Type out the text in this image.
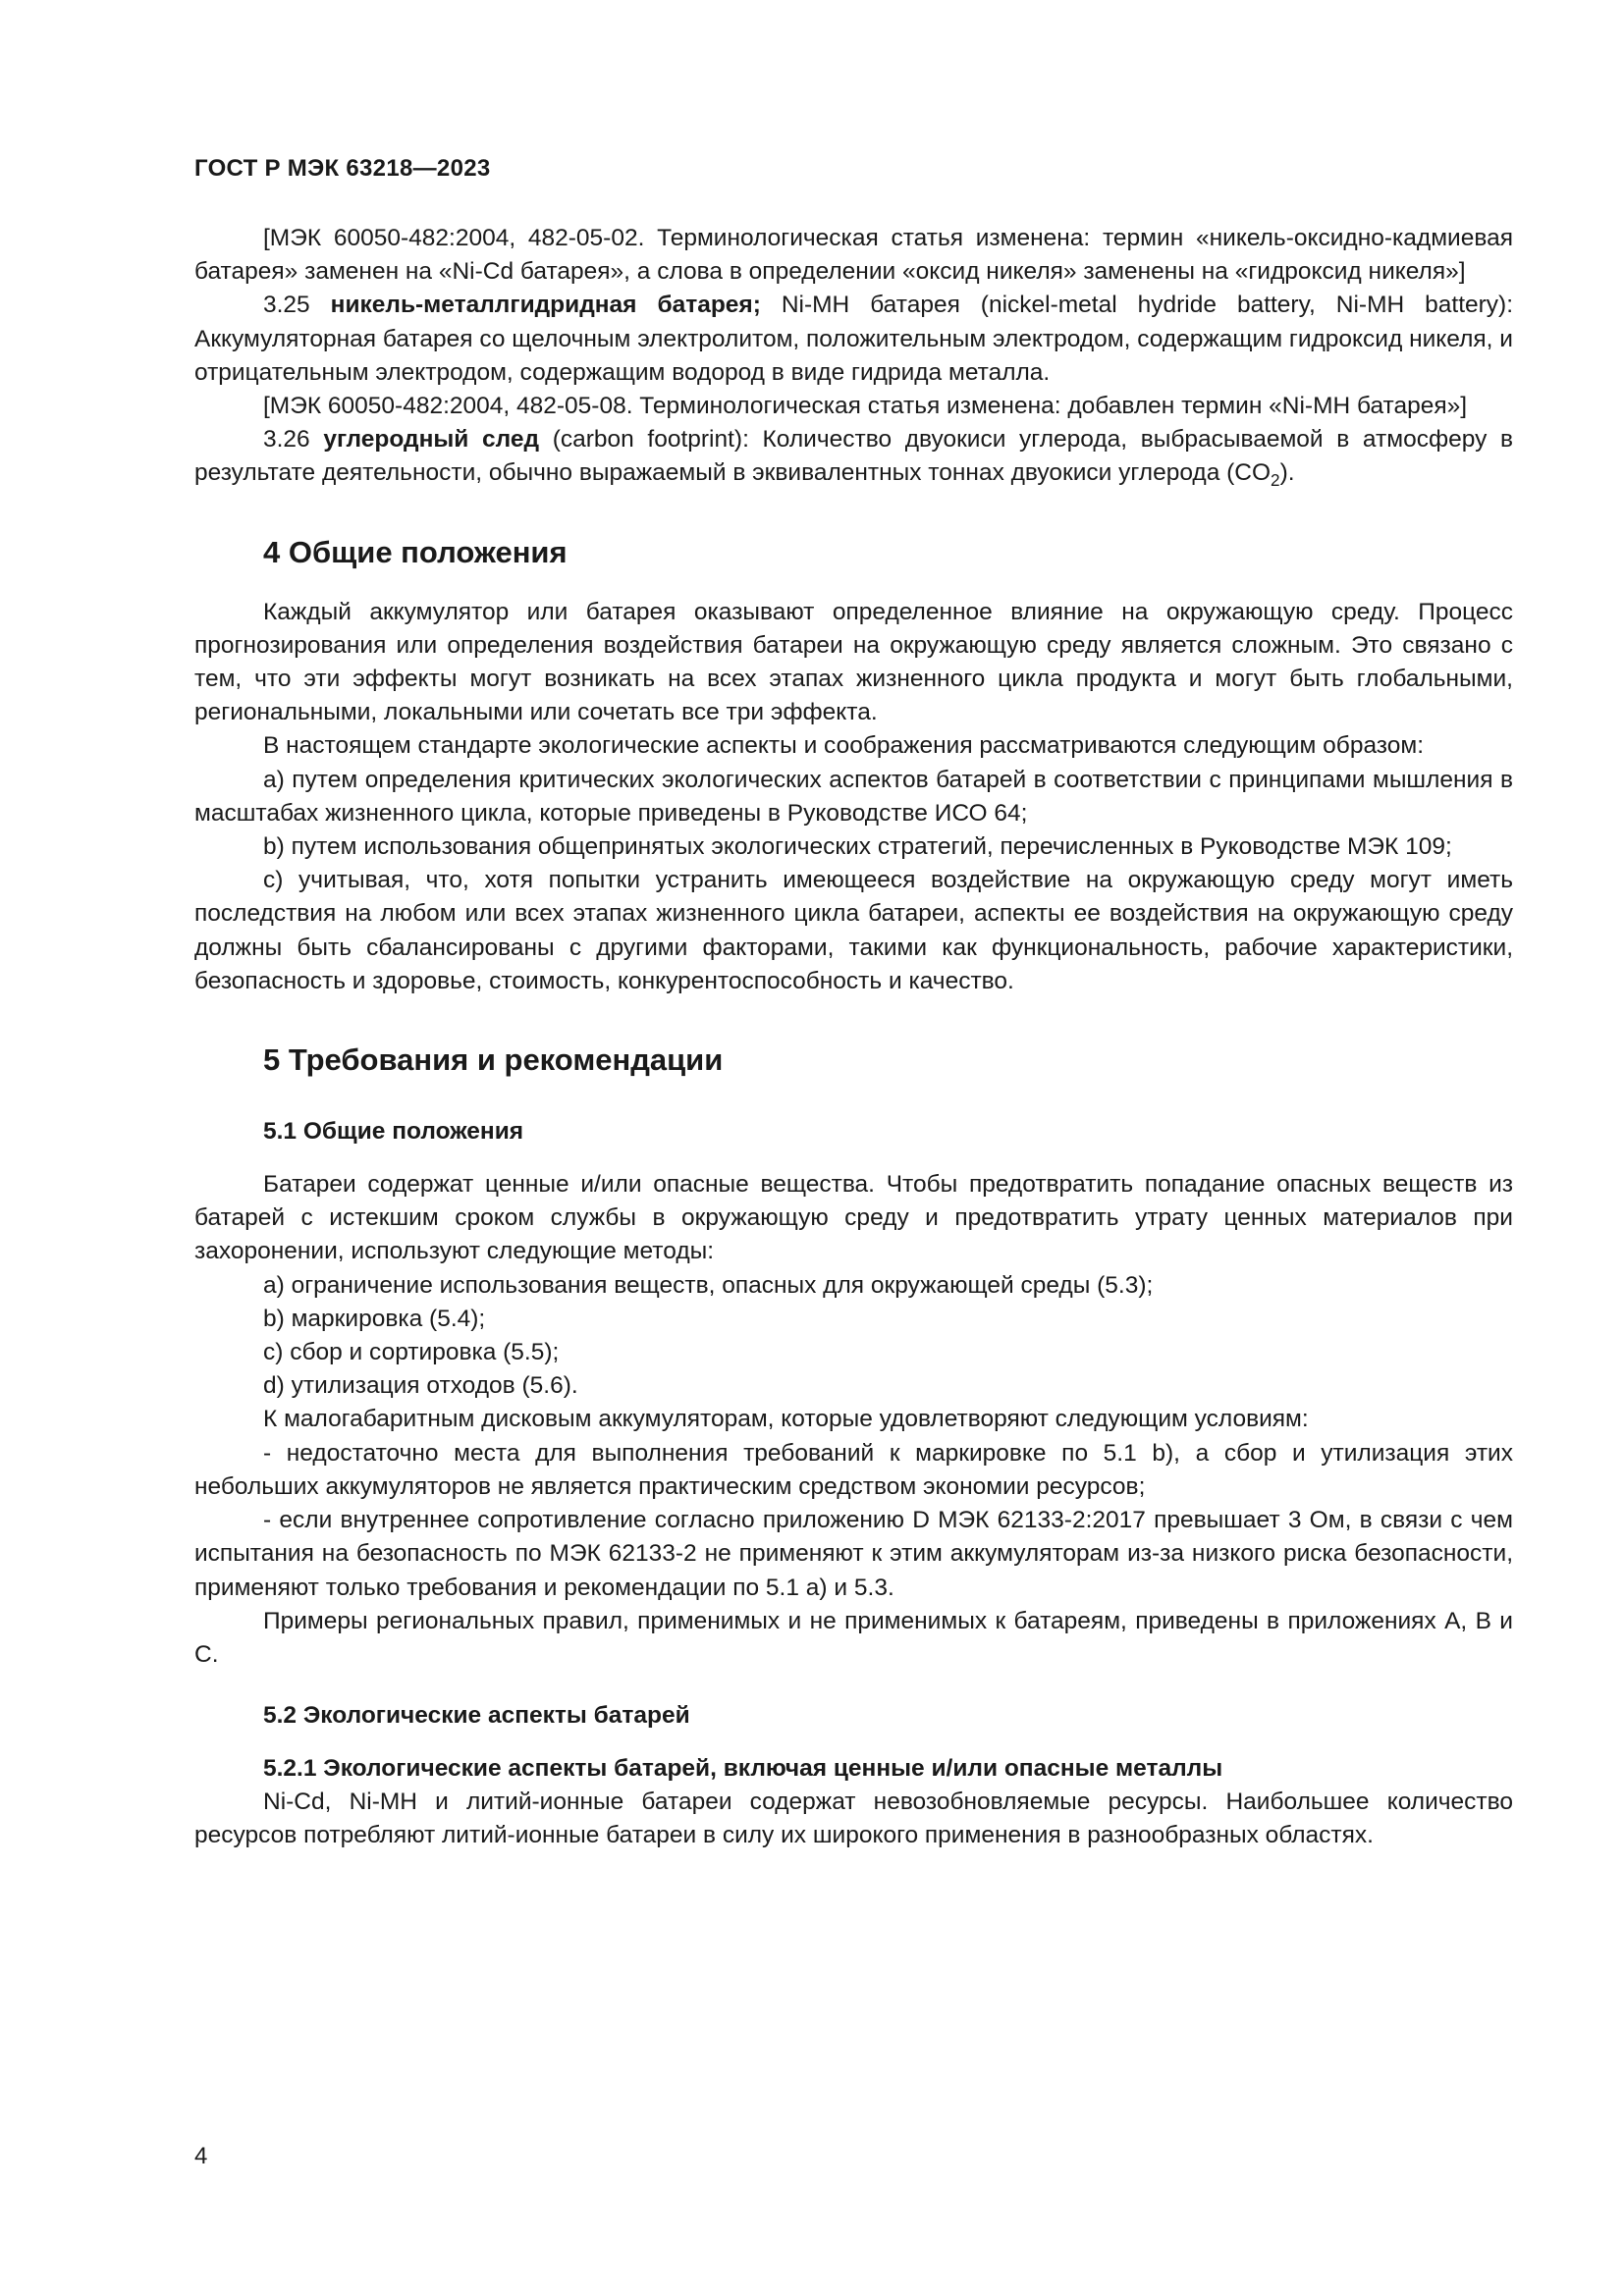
ГОСТ Р МЭК 63218—2023

[МЭК 60050-482:2004, 482-05-02. Терминологическая статья изменена: термин «никель-оксидно-кадмиевая батарея» заменен на «Ni-Cd батарея», а слова в определении «оксид никеля» заменены на «гидроксид никеля»]

3.25 никель-металлгидридная батарея; Ni-MH батарея (nickel-metal hydride battery, Ni-MH battery): Аккумуляторная батарея со щелочным электролитом, положительным электродом, содержащим гидроксид никеля, и отрицательным электродом, содержащим водород в виде гидрида металла.

[МЭК 60050-482:2004, 482-05-08. Терминологическая статья изменена: добавлен термин «Ni-MH батарея»]

3.26 углеродный след (carbon footprint): Количество двуокиси углерода, выбрасываемой в атмосферу в результате деятельности, обычно выражаемый в эквивалентных тоннах двуокиси углерода $(CO_2)$.

4 Общие положения

Каждый аккумулятор или батарея оказывают определенное влияние на окружающую среду. Процесс прогнозирования или определения воздействия батареи на окружающую среду является сложным. Это связано с тем, что эти эффекты могут возникать на всех этапах жизненного цикла продукта и могут быть глобальными, региональными, локальными или сочетать все три эффекта.

В настоящем стандарте экологические аспекты и соображения рассматриваются следующим образом:

a) путем определения критических экологических аспектов батарей в соответствии с принципами мышления в масштабах жизненного цикла, которые приведены в Руководстве ИСО 64;

b) путем использования общепринятых экологических стратегий, перечисленных в Руководстве МЭК 109;

c) учитывая, что, хотя попытки устранить имеющееся воздействие на окружающую среду могут иметь последствия на любом или всех этапах жизненного цикла батареи, аспекты ее воздействия на окружающую среду должны быть сбалансированы с другими факторами, такими как функциональность, рабочие характеристики, безопасность и здоровье, стоимость, конкурентоспособность и качество.

5 Требования и рекомендации
5.1 Общие положения

Батареи содержат ценные и/или опасные вещества. Чтобы предотвратить попадание опасных веществ из батарей с истекшим сроком службы в окружающую среду и предотвратить утрату ценных материалов при захоронении, используют следующие методы:

a) ограничение использования веществ, опасных для окружающей среды (5.3);

b) маркировка (5.4);

c) сбор и сортировка (5.5);

d) утилизация отходов (5.6).

К малогабаритным дисковым аккумуляторам, которые удовлетворяют следующим условиям:

- недостаточно места для выполнения требований к маркировке по 5.1 b), а сбор и утилизация этих небольших аккумуляторов не является практическим средством экономии ресурсов;

- если внутреннее сопротивление согласно приложению D МЭК 62133-2:2017 превышает 3 Ом, в связи с чем испытания на безопасность по МЭК 62133-2 не применяют к этим аккумуляторам из-за низкого риска безопасности, применяют только требования и рекомендации по 5.1 a) и 5.3.

Примеры региональных правил, применимых и не применимых к батареям, приведены в приложениях А, В и С.

5.2 Экологические аспекты батарей
5.2.1 Экологические аспекты батарей, включая ценные и/или опасные металлы

Ni-Cd, Ni-MH и литий-ионные батареи содержат невозобновляемые ресурсы. Наибольшее количество ресурсов потребляют литий-ионные батареи в силу их широкого применения в разнообразных областях.

4
